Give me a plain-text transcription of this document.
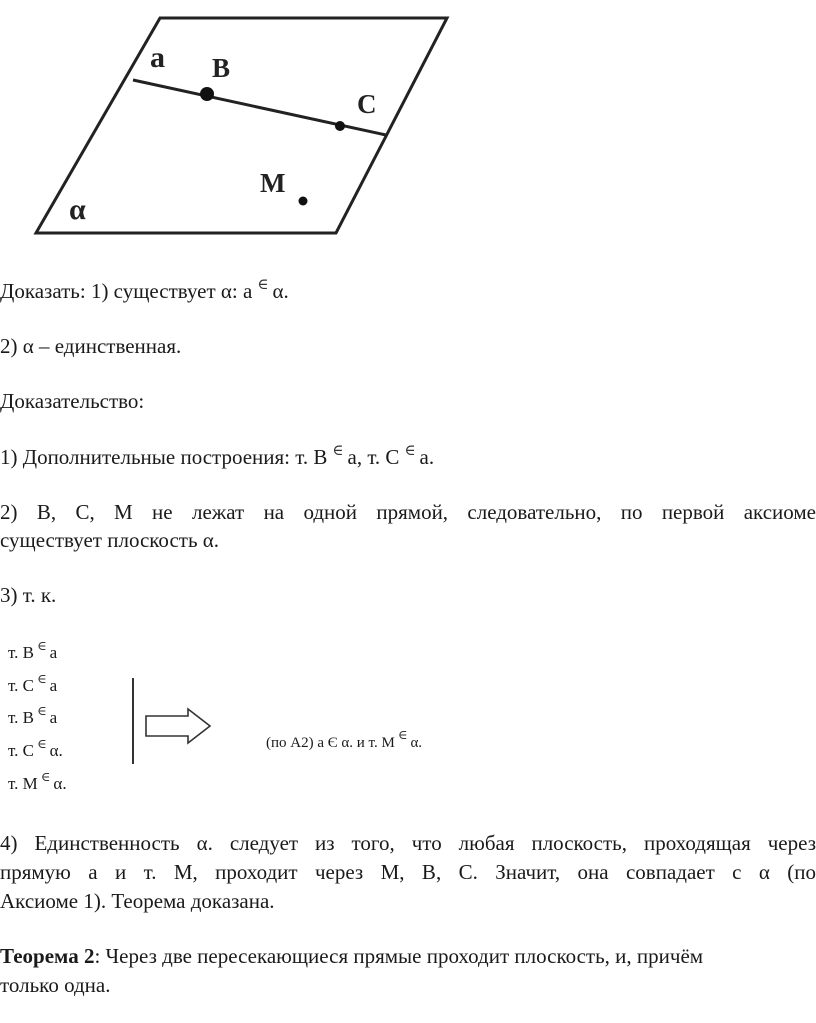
a B
C
M
α
Доказать: 1) существует α: a ∈ α.
2) α – единственная.
Доказательство:
1) Дополнительные построения: т. B ∈ a, т. C ∈ a.
2) B, C, M не лежат на одной прямой, следовательно, по первой аксиоме
существует плоскость α.
3) т. к.
т. B ∈ a
т. C ∈ a
т. B ∈ a
т. C ∈ α.
т. M ∈ α.
(по A2) a Є α. и т. M∈α.
4) Единственность α. следует из того, что любая плоскость, проходящая через
прямую а и т. М, проходит через М, В, С. Значит, она совпадает с α (по
Аксиоме 1). Теорема доказана.
Теорема 2: Через две пересекающиеся прямые проходит плоскость, и, причём
только одна.
